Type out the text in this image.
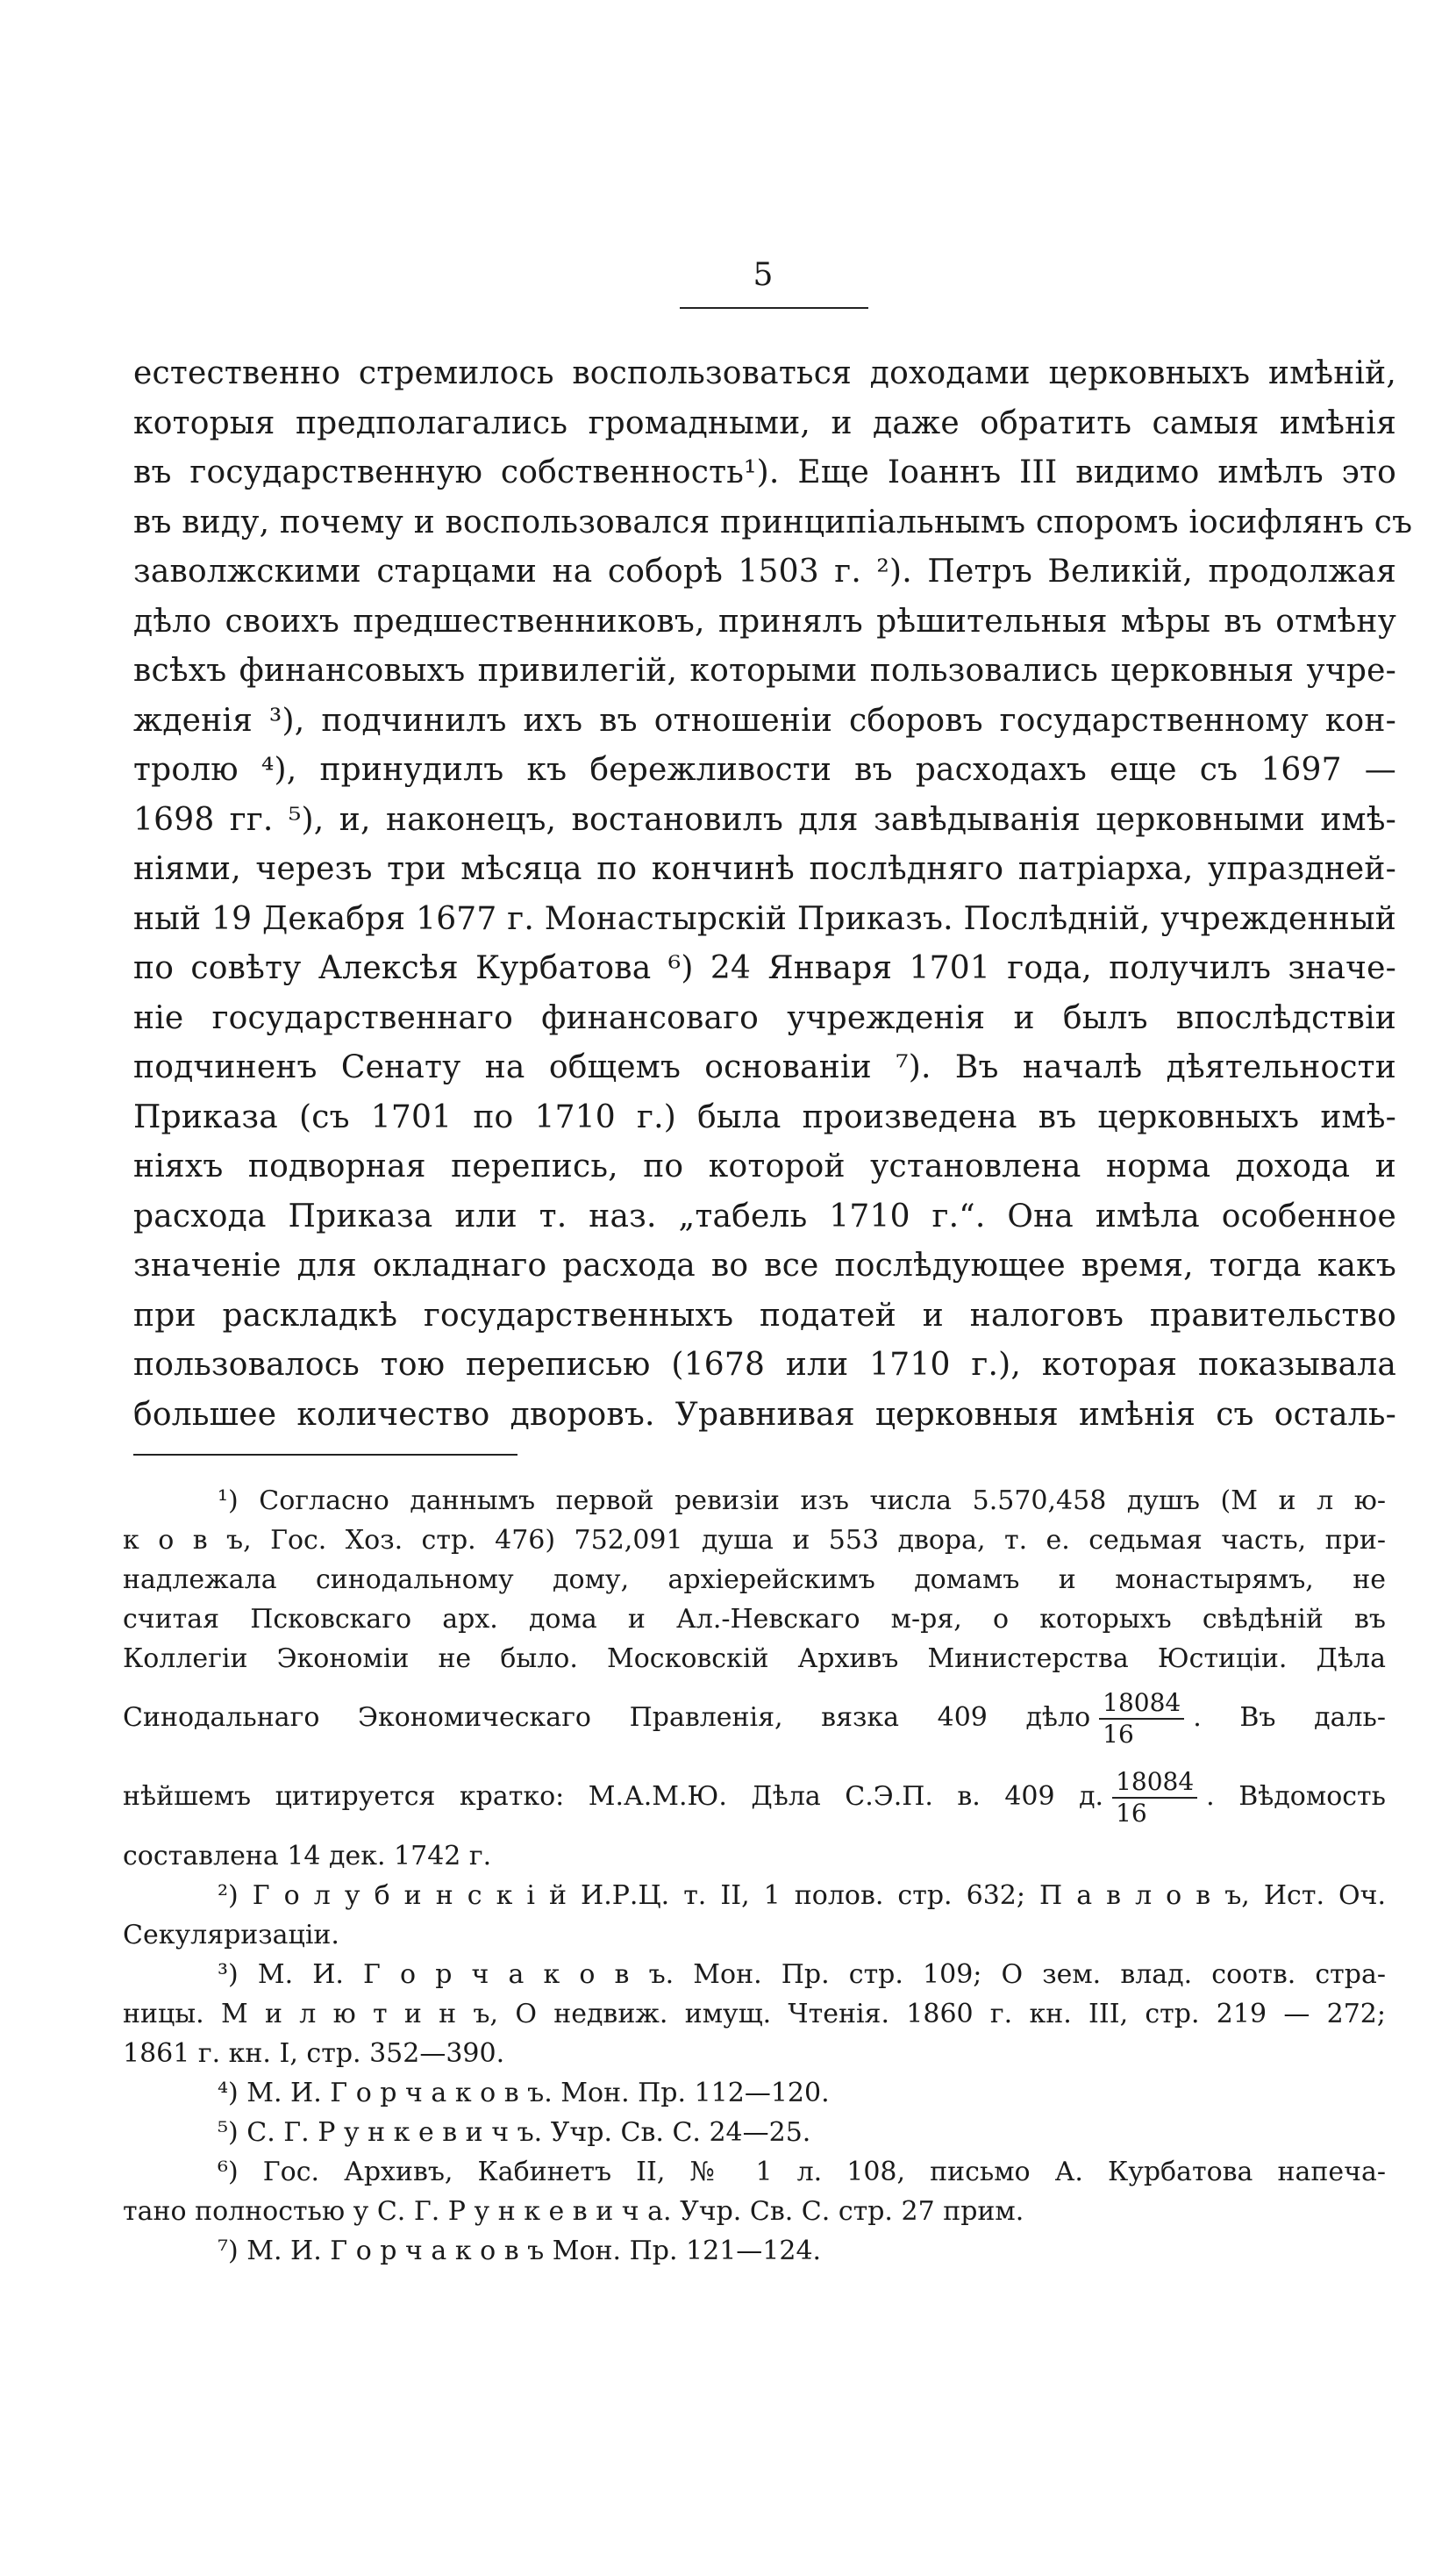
5
естественно стремилось воспользоваться доходами церковныхъ имѣній,
которыя предполагались громадными, и даже обратить самыя имѣнія
въ государственную собственность¹). Еще Іоаннъ III видимо имѣлъ это
въ виду, почему и воспользовался принципіальнымъ споромъ іосифлянъ съ
заволжскими старцами на соборѣ 1503 г. ²). Петръ Великій, продолжая
дѣло своихъ предшественниковъ, принялъ рѣшительныя мѣры въ отмѣну
всѣхъ финансовыхъ привилегій, которыми пользовались церковныя учре-
жденія ³), подчинилъ ихъ въ отношеніи сборовъ государственному кон-
тролю ⁴), принудилъ къ бережливости въ расходахъ еще съ 1697 —
1698 гг. ⁵), и, наконецъ, востановилъ для завѣдыванія церковными имѣ-
ніями, черезъ три мѣсяца по кончинѣ послѣдняго патріарха, упраздней-
ный 19 Декабря 1677 г. Монастырскій Приказъ. Послѣдній, учрежденный
по совѣту Алексѣя Курбатова ⁶) 24 Января 1701 года, получилъ значе-
ніе государственнаго финансоваго учрежденія и былъ впослѣдствіи
подчиненъ Сенату на общемъ основаніи ⁷). Въ началѣ дѣятельности
Приказа (съ 1701 по 1710 г.) была произведена въ церковныхъ имѣ-
ніяхъ подворная перепись, по которой установлена норма дохода и
расхода Приказа или т. наз. „табель 1710 г.“. Она имѣла особенное
значеніе для окладнаго расхода во все послѣдующее время, тогда какъ
при раскладкѣ государственныхъ податей и налоговъ правительство
пользовалось тою переписью (1678 или 1710 г.), которая показывала
большее количество дворовъ. Уравнивая церковныя имѣнія съ осталь-
¹) Согласно даннымъ первой ревизіи изъ числа 5.570,458 душъ (М и л ю-
к о в ъ, Гос. Хоз. стр. 476) 752,091 душа и 553 двора, т. е. седьмая часть, при-
надлежала синодальному дому, архіерейскимъ домамъ и монастырямъ, не
считая Псковскаго арх. дома и Ал.-Невскаго м-ря, о которыхъ свѣдѣній въ
Коллегіи Экономіи не было. Московскій Архивъ Министерства Юстиціи. Дѣла
Синодальнаго Экономическаго Правленія, вязка 409 дѣло $\frac{18084}{16}$ . Въ даль-
нѣйшемъ цитируется кратко: М.А.М.Ю. Дѣла С.Э.П. в. 409 д. $\frac{18084}{16}$ . Вѣдомость
составлена 14 дек. 1742 г.
²) Г о л у б и н с к і й И.Р.Ц. т. II, 1 полов. стр. 632; П а в л о в ъ, Ист. Оч.
Секуляризаціи.
³) М. И. Г о р ч а к о в ъ. Мон. Пр. стр. 109; О зем. влад. соотв. стра-
ницы. М и л ю т и н ъ, О недвиж. имущ. Чтенія. 1860 г. кн. III, стр. 219 — 272;
1861 г. кн. I, стр. 352—390.
⁴) М. И. Г о р ч а к о в ъ. Мон. Пр. 112—120.
⁵) С. Г. Р у н к е в и ч ъ. Учр. Св. С. 24—25.
⁶) Гос. Архивъ, Кабинетъ II, № 1 л. 108, письмо А. Курбатова напеча-
тано полностью у С. Г. Р у н к е в и ч а. Учр. Св. С. стр. 27 прим.
⁷) М. И. Г о р ч а к о в ъ Мон. Пр. 121—124.
